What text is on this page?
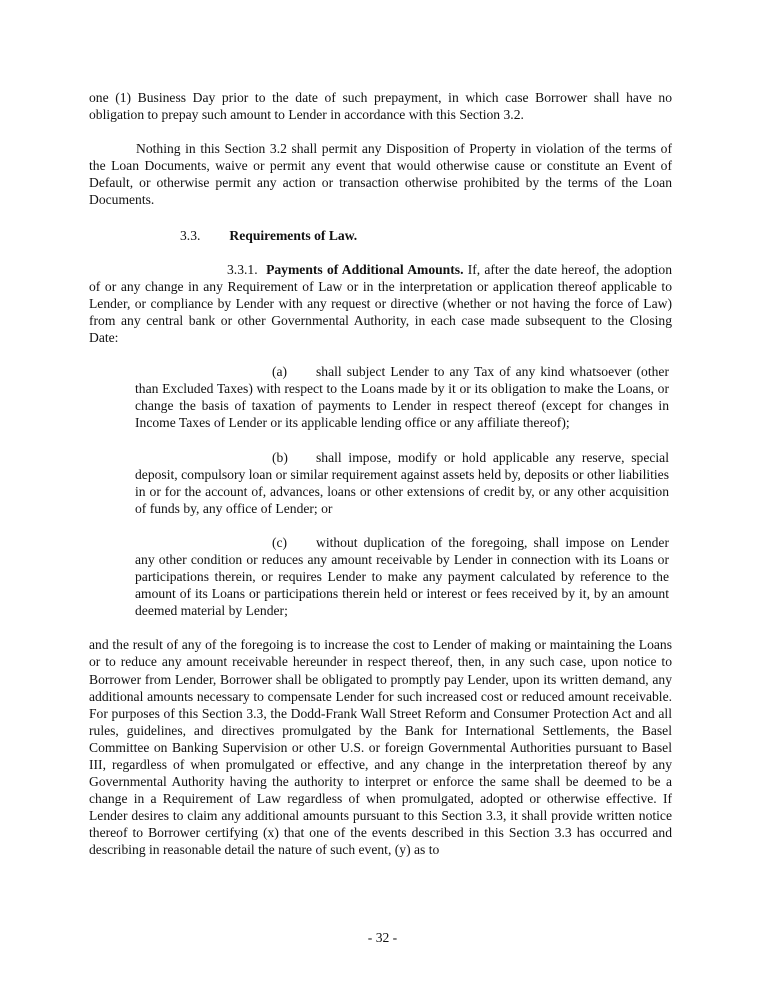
one (1) Business Day prior to the date of such prepayment, in which case Borrower shall have no obligation to prepay such amount to Lender in accordance with this Section 3.2.

Nothing in this Section 3.2 shall permit any Disposition of Property in violation of the terms of the Loan Documents, waive or permit any event that would otherwise cause or constitute an Event of Default, or otherwise permit any action or transaction otherwise prohibited by the terms of the Loan Documents.

3.3. Requirements of Law.

3.3.1. Payments of Additional Amounts. If, after the date hereof, the adoption of or any change in any Requirement of Law or in the interpretation or application thereof applicable to Lender, or compliance by Lender with any request or directive (whether or not having the force of Law) from any central bank or other Governmental Authority, in each case made subsequent to the Closing Date:

(a) shall subject Lender to any Tax of any kind whatsoever (other than Excluded Taxes) with respect to the Loans made by it or its obligation to make the Loans, or change the basis of taxation of payments to Lender in respect thereof (except for changes in Income Taxes of Lender or its applicable lending office or any affiliate thereof);

(b) shall impose, modify or hold applicable any reserve, special deposit, compulsory loan or similar requirement against assets held by, deposits or other liabilities in or for the account of, advances, loans or other extensions of credit by, or any other acquisition of funds by, any office of Lender; or

(c) without duplication of the foregoing, shall impose on Lender any other condition or reduces any amount receivable by Lender in connection with its Loans or participations therein, or requires Lender to make any payment calculated by reference to the amount of its Loans or participations therein held or interest or fees received by it, by an amount deemed material by Lender;

and the result of any of the foregoing is to increase the cost to Lender of making or maintaining the Loans or to reduce any amount receivable hereunder in respect thereof, then, in any such case, upon notice to Borrower from Lender, Borrower shall be obligated to promptly pay Lender, upon its written demand, any additional amounts necessary to compensate Lender for such increased cost or reduced amount receivable. For purposes of this Section 3.3, the Dodd-Frank Wall Street Reform and Consumer Protection Act and all rules, guidelines, and directives promulgated by the Bank for International Settlements, the Basel Committee on Banking Supervision or other U.S. or foreign Governmental Authorities pursuant to Basel III, regardless of when promulgated or effective, and any change in the interpretation thereof by any Governmental Authority having the authority to interpret or enforce the same shall be deemed to be a change in a Requirement of Law regardless of when promulgated, adopted or otherwise effective. If Lender desires to claim any additional amounts pursuant to this Section 3.3, it shall provide written notice thereof to Borrower certifying (x) that one of the events described in this Section 3.3 has occurred and describing in reasonable detail the nature of such event, (y) as to

- 32 -
